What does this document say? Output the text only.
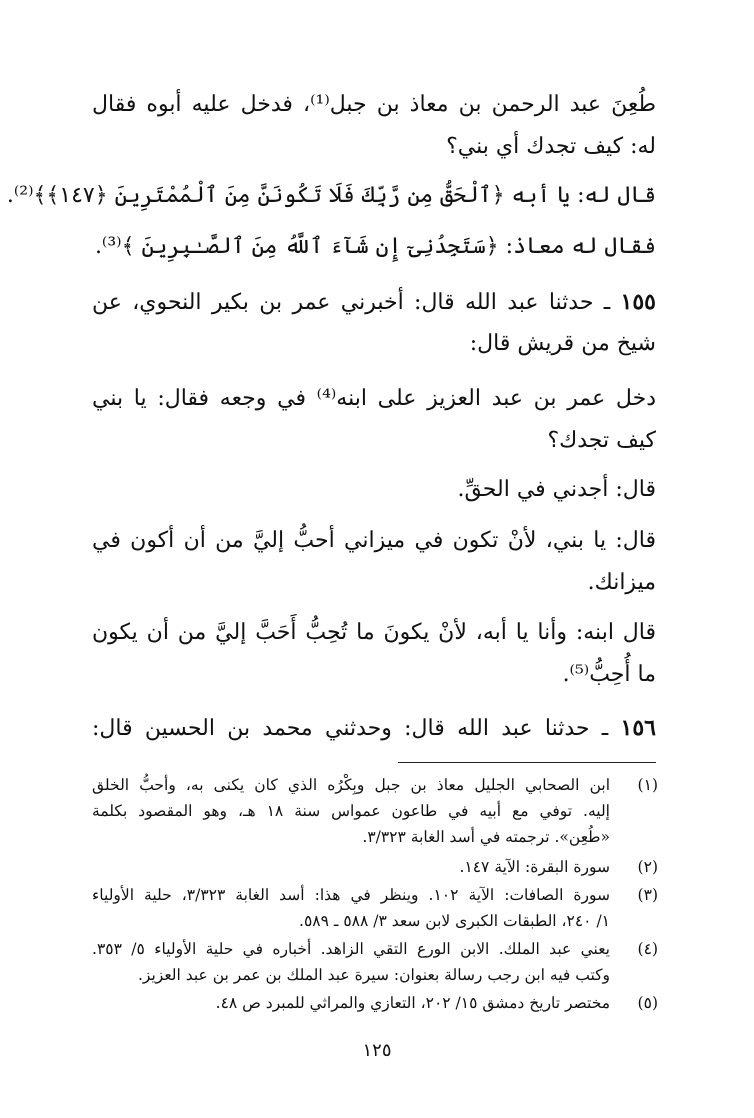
طُعِنَ عبد الرحمن بن معاذ بن جبل⁽¹⁾، فدخل عليه أبوه فقال
له: كيف تجدك أي بني؟
قال له: يا أبه ﴿ٱلْحَقُّ مِن رَّبِّكَ فَلَا تَكُونَنَّ مِنَ ٱلْمُمْتَرِينَ ﴿١٤٧﴾﴾⁽²⁾.
فقال له معاذ: ﴿سَتَجِدُنِىٓ إِن شَآءَ ٱللَّهُ مِنَ ٱلصَّـٰبِرِينَ ﴾⁽³⁾.
١٥٥ ـ حدثنا عبد الله قال: أخبرني عمر بن بكير النحوي، عن
شيخ من قريش قال:
دخل عمر بن عبد العزيز على ابنه⁽⁴⁾ في وجعه فقال: يا بني
كيف تجدك؟
قال: أجدني في الحقِّ.
قال: يا بني، لأنْ تكون في ميزاني أحبُّ إليَّ من أن أكون في
ميزانك.
قال ابنه: وأنا يا أبه، لأنْ يكونَ ما تُحِبُّ أَحَبَّ إليَّ من أن يكون
ما أُحِبُّ⁽⁵⁾.
١٥٦ ـ حدثنا عبد الله قال: وحدثني محمد بن الحسين قال:
(١)
ابن الصحابي الجليل معاذ بن جبل وبِكْرُه الذي كان يكنى به، وأحبُّ الخلق
إليه. توفي مع أبيه في طاعون عمواس سنة ١٨ هـ، وهو المقصود بكلمة
«طُعِن». ترجمته في أسد الغابة ٣/٣٢٣.
(٢)
سورة البقرة: الآية ١٤٧.
(٣)
سورة الصافات: الآية ١٠٢. وينظر في هذا: أسد الغابة ٣/٣٢٣، حلية الأولياء
١/ ٢٤٠، الطبقات الكبرى لابن سعد ٣/ ٥٨٨ ـ ٥٨٩.
(٤)
يعني عبد الملك. الابن الورع التقي الزاهد. أخباره في حلية الأولياء ٥/ ٣٥٣.
وكتب فيه ابن رجب رسالة بعنوان: سيرة عبد الملك بن عمر بن عبد العزيز.
(٥)
مختصر تاريخ دمشق ١٥/ ٢٠٢، التعازي والمراثي للمبرد ص ٤٨.
١٢٥
